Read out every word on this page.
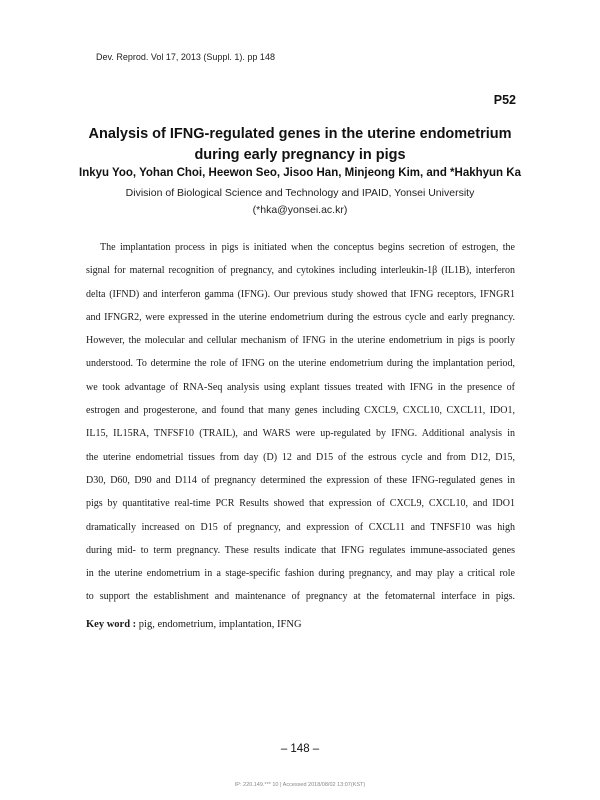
Dev. Reprod. Vol 17, 2013 (Suppl. 1). pp 148
P52
Analysis of IFNG-regulated genes in the uterine endometrium
during early pregnancy in pigs
Inkyu Yoo, Yohan Choi, Heewon Seo, Jisoo Han, Minjeong Kim, and *Hakhyun Ka
Division of Biological Science and Technology and IPAID, Yonsei University
(*hka@yonsei.ac.kr)
The implantation process in pigs is initiated when the conceptus begins secretion of estrogen, the
signal for maternal recognition of pregnancy, and cytokines including interleukin-1β (IL1B), interferon
delta (IFND) and interferon gamma (IFNG). Our previous study showed that IFNG receptors, IFNGR1
and IFNGR2, were expressed in the uterine endometrium during the estrous cycle and early pregnancy.
However, the molecular and cellular mechanism of IFNG in the uterine endometrium in pigs is poorly
understood. To determine the role of IFNG on the uterine endometrium during the implantation period,
we took advantage of RNA-Seq analysis using explant tissues treated with IFNG in the presence of
estrogen and progesterone, and found that many genes including CXCL9, CXCL10, CXCL11, IDO1,
IL15, IL15RA, TNFSF10 (TRAIL), and WARS were up-regulated by IFNG. Additional analysis in
the uterine endometrial tissues from day (D) 12 and D15 of the estrous cycle and from D12, D15,
D30, D60, D90 and D114 of pregnancy determined the expression of these IFNG-regulated genes in
pigs by quantitative real-time PCR Results showed that expression of CXCL9, CXCL10, and IDO1
dramatically increased on D15 of pregnancy, and expression of CXCL11 and TNFSF10 was high
during mid- to term pregnancy. These results indicate that IFNG regulates immune-associated genes
in the uterine endometrium in a stage-specific fashion during pregnancy, and may play a critical role
to support the establishment and maintenance of pregnancy at the fetomaternal interface in pigs.
Key word : pig, endometrium, implantation, IFNG
– 148 –
IP: 220.149.*** 10 | Accessed 2018/08/02 13:07(KST)
